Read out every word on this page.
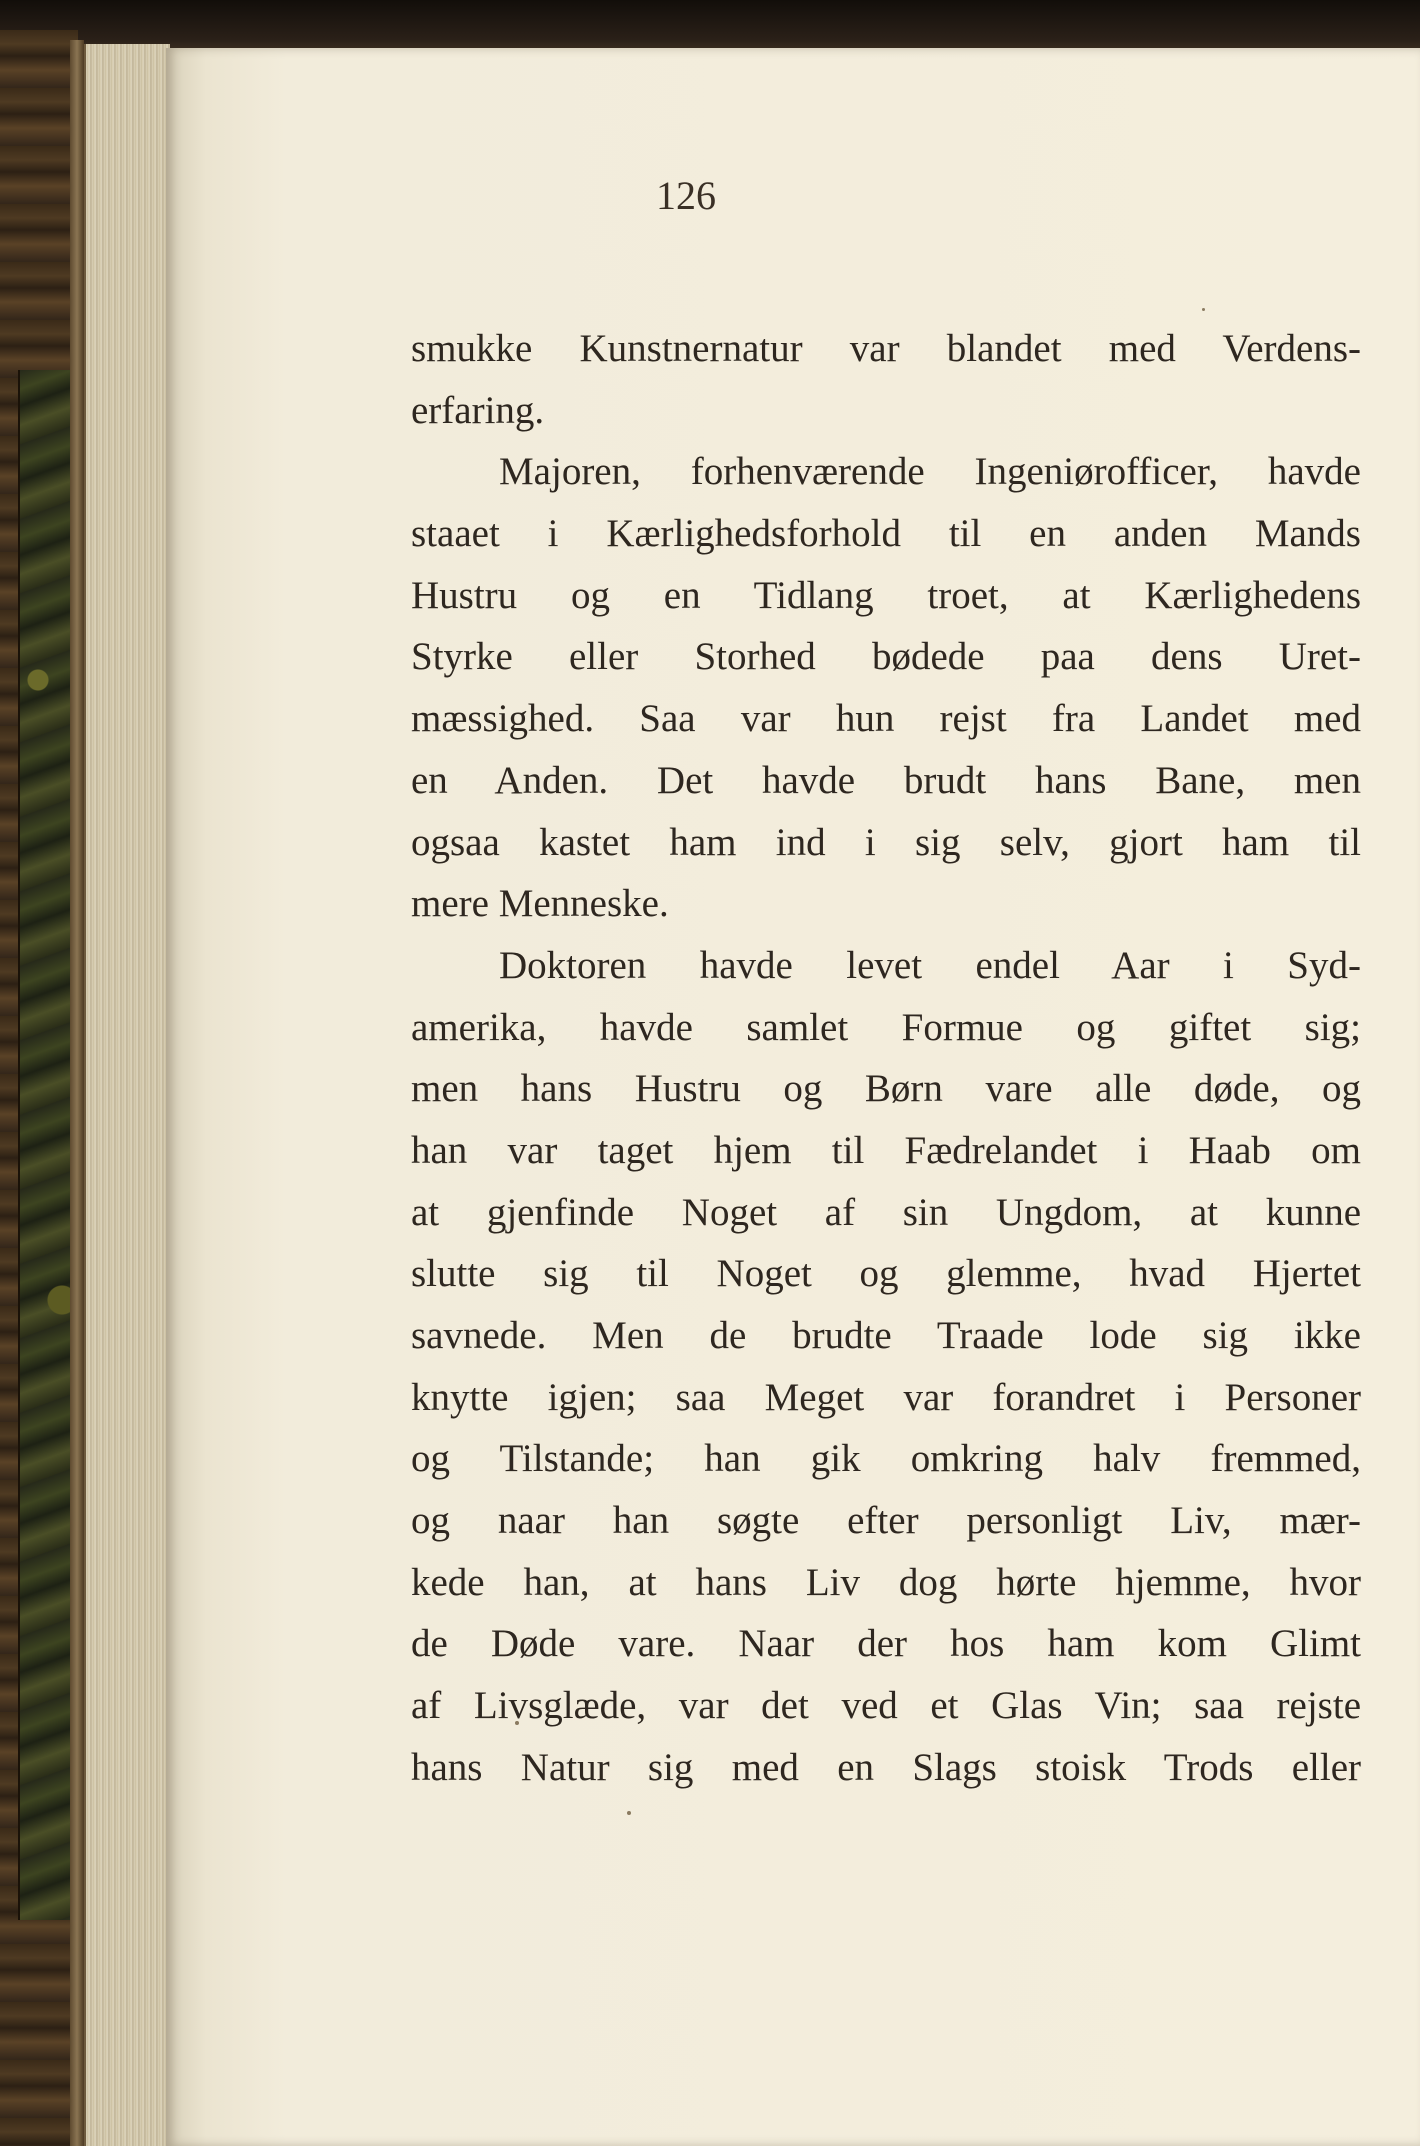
126
smukke Kunstnernatur var blandet med Verdens-
erfaring.
Majoren, forhenværende Ingeniørofficer, havde
staaet i Kærlighedsforhold til en anden Mands
Hustru og en Tidlang troet, at Kærlighedens
Styrke eller Storhed bødede paa dens Uret-
mæssighed. Saa var hun rejst fra Landet med
en Anden. Det havde brudt hans Bane, men
ogsaa kastet ham ind i sig selv, gjort ham til
mere Menneske.
Doktoren havde levet endel Aar i Syd-
amerika, havde samlet Formue og giftet sig;
men hans Hustru og Børn vare alle døde, og
han var taget hjem til Fædrelandet i Haab om
at gjenfinde Noget af sin Ungdom, at kunne
slutte sig til Noget og glemme, hvad Hjertet
savnede. Men de brudte Traade lode sig ikke
knytte igjen; saa Meget var forandret i Personer
og Tilstande; han gik omkring halv fremmed,
og naar han søgte efter personligt Liv, mær-
kede han, at hans Liv dog hørte hjemme, hvor
de Døde vare. Naar der hos ham kom Glimt
af Livsglæde, var det ved et Glas Vin; saa rejste
hans Natur sig med en Slags stoisk Trods eller
